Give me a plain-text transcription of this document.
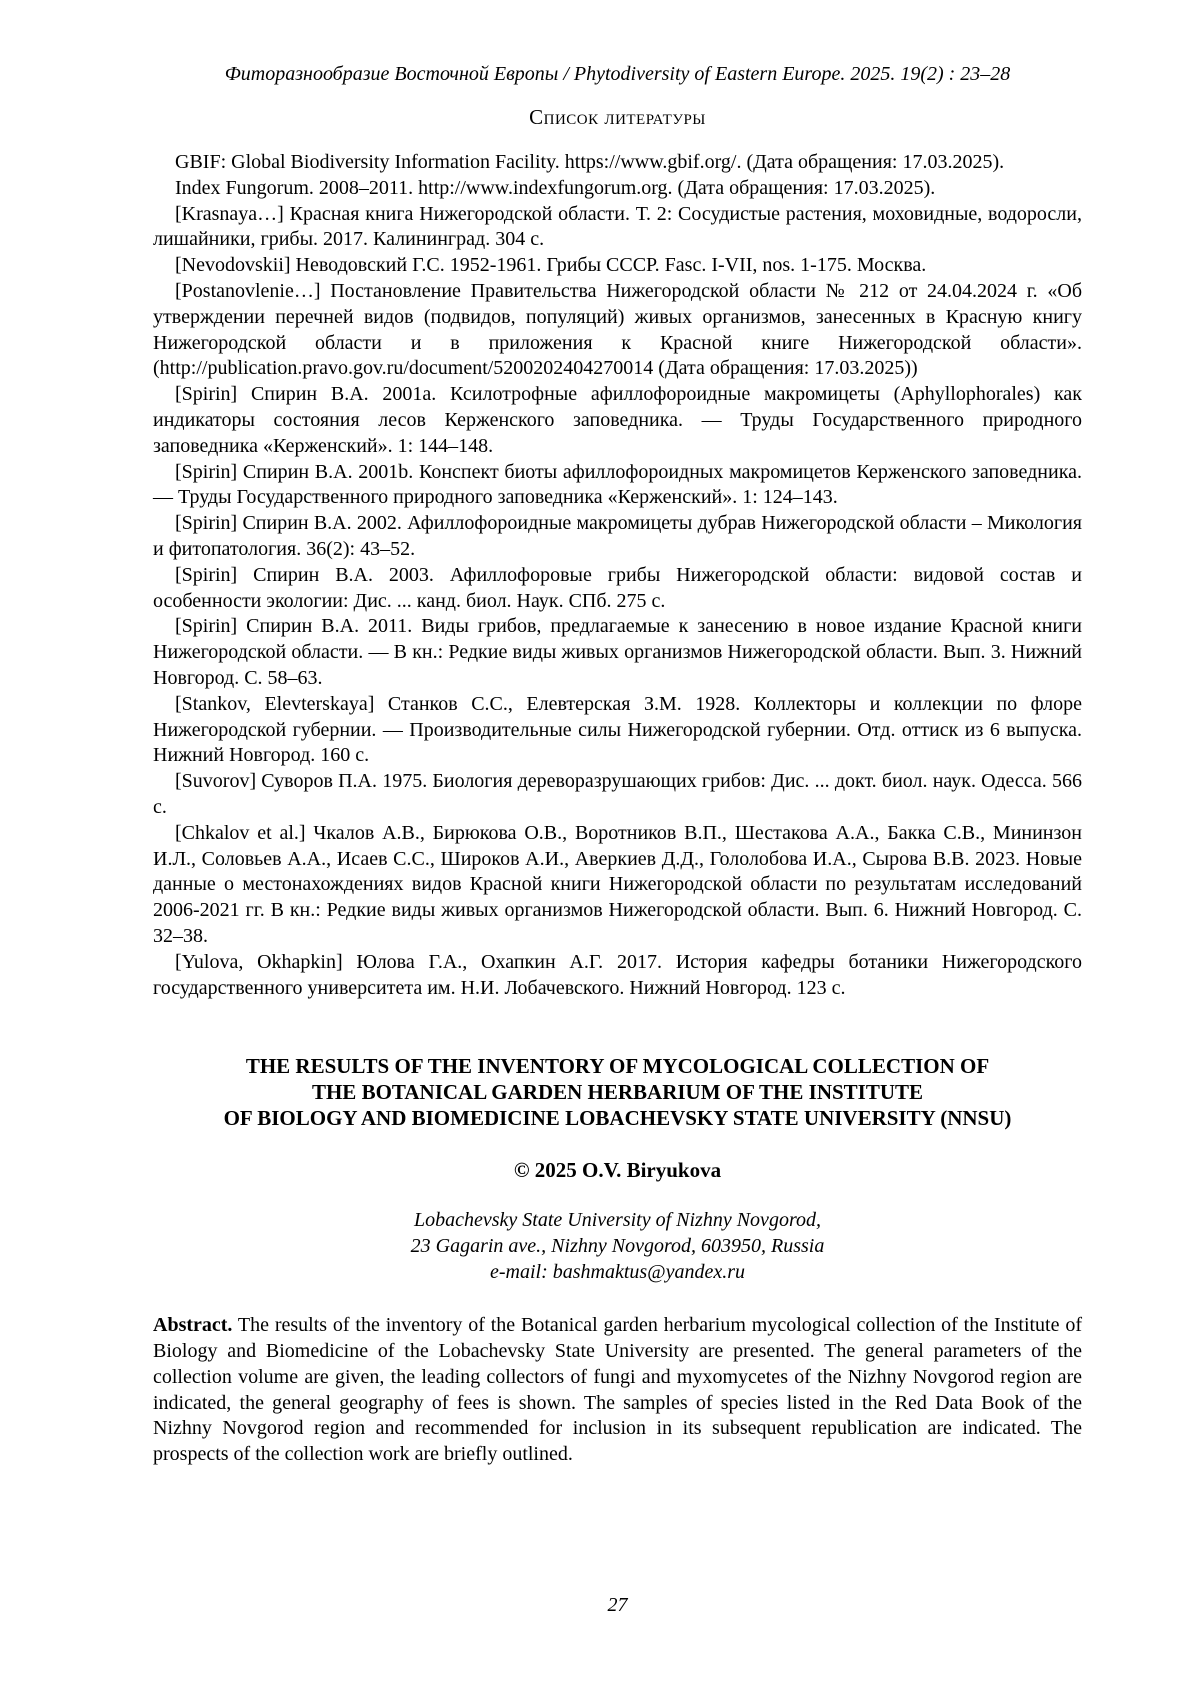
Фиторазнообразие Восточной Европы / Phytodiversity of Eastern Europe. 2025. 19(2) : 23–28
Список литературы

GBIF: Global Biodiversity Information Facility. https://www.gbif.org/. (Дата обращения: 17.03.2025).

Index Fungorum. 2008–2011. http://www.indexfungorum.org. (Дата обращения: 17.03.2025).

[Krasnaya…] Красная книга Нижегородской области. Т. 2: Сосудистые растения, моховидные, водоросли, лишайники, грибы. 2017. Калининград. 304 с.

[Nevodovskii] Неводовский Г.С. 1952-1961. Грибы СССР. Fasc. I-VII, nos. 1-175. Москва.

[Postanovlenie…] Постановление Правительства Нижегородской области № 212 от 24.04.2024 г. «Об утверждении перечней видов (подвидов, популяций) живых организмов, занесенных в Красную книгу Нижегородской области и в приложения к Красной книге Нижегородской области». (http://publication.pravo.gov.ru/document/5200202404270014 (Дата обращения: 17.03.2025))

[Spirin] Спирин В.А. 2001a. Ксилотрофные афиллофороидные макромицеты (Aphyllophorales) как индикаторы состояния лесов Керженского заповедника. — Труды Государственного природного заповедника «Керженский». 1: 144–148.

[Spirin] Спирин В.А. 2001b. Конспект биоты афиллофороидных макромицетов Керженского заповедника. — Труды Государственного природного заповедника «Керженский». 1: 124–143.

[Spirin] Спирин В.А. 2002. Афиллофороидные макромицеты дубрав Нижегородской области – Микология и фитопатология. 36(2): 43–52.

[Spirin] Спирин В.А. 2003. Афиллофоровые грибы Нижегородской области: видовой состав и особенности экологии: Дис. ... канд. биол. Наук. СПб. 275 с.

[Spirin] Спирин В.А. 2011. Виды грибов, предлагаемые к занесению в новое издание Красной книги Нижегородской области. — В кн.: Редкие виды живых организмов Нижегородской области. Вып. 3. Нижний Новгород. С. 58–63.

[Stankov, Elevterskaya] Станков С.С., Елевтерская З.М. 1928. Коллекторы и коллекции по флоре Нижегородской губернии. — Производительные силы Нижегородской губернии. Отд. оттиск из 6 выпуска. Нижний Новгород. 160 с.

[Suvorov] Суворов П.А. 1975. Биология дереворазрушающих грибов: Дис. ... докт. биол. наук. Одесса. 566 с.

[Chkalov et al.] Чкалов А.В., Бирюкова О.В., Воротников В.П., Шестакова А.А., Бакка С.В., Мининзон И.Л., Соловьев А.А., Исаев С.С., Широков А.И., Аверкиев Д.Д., Гололобова И.А., Сырова В.В. 2023. Новые данные о местонахождениях видов Красной книги Нижегородской области по результатам исследований 2006-2021 гг. В кн.: Редкие виды живых организмов Нижегородской области. Вып. 6. Нижний Новгород. С. 32–38.

[Yulova, Okhapkin] Юлова Г.А., Охапкин А.Г. 2017. История кафедры ботаники Нижегородского государственного университета им. Н.И. Лобачевского. Нижний Новгород. 123 с.

THE RESULTS OF THE INVENTORY OF MYCOLOGICAL COLLECTION OF
THE BOTANICAL GARDEN HERBARIUM OF THE INSTITUTE
OF BIOLOGY AND BIOMEDICINE LOBACHEVSKY STATE UNIVERSITY (NNSU)
© 2025 O.V. Biryukova
Lobachevsky State University of Nizhny Novgorod,
23 Gagarin ave., Nizhny Novgorod, 603950, Russia
e-mail: bashmaktus@yandex.ru

Abstract. The results of the inventory of the Botanical garden herbarium mycological collection of the Institute of Biology and Biomedicine of the Lobachevsky State University are presented. The general parameters of the collection volume are given, the leading collectors of fungi and myxomycetes of the Nizhny Novgorod region are indicated, the general geography of fees is shown. The samples of species listed in the Red Data Book of the Nizhny Novgorod region and recommended for inclusion in its subsequent republication are indicated. The prospects of the collection work are briefly outlined.

27
